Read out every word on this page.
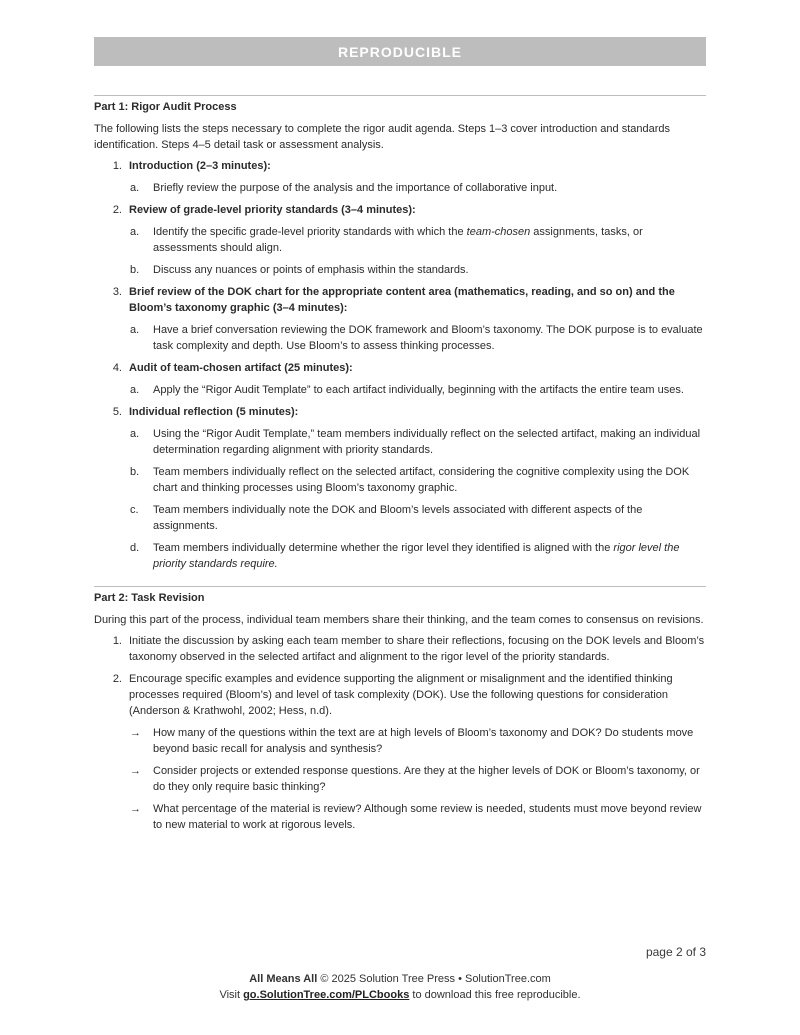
REPRODUCIBLE
Part 1: Rigor Audit Process

The following lists the steps necessary to complete the rigor audit agenda. Steps 1–3 cover introduction and standards identification. Steps 4–5 detail task or assessment analysis.

1. Introduction (2–3 minutes):
a. Briefly review the purpose of the analysis and the importance of collaborative input.
2. Review of grade-level priority standards (3–4 minutes):
a. Identify the specific grade-level priority standards with which the team-chosen assignments, tasks, or assessments should align.
b. Discuss any nuances or points of emphasis within the standards.
3. Brief review of the DOK chart for the appropriate content area (mathematics, reading, and so on) and the Bloom’s taxonomy graphic (3–4 minutes):
a. Have a brief conversation reviewing the DOK framework and Bloom’s taxonomy. The DOK purpose is to evaluate task complexity and depth. Use Bloom’s to assess thinking processes.
4. Audit of team-chosen artifact (25 minutes):
a. Apply the “Rigor Audit Template” to each artifact individually, beginning with the artifacts the entire team uses.
5. Individual reflection (5 minutes):
a. Using the “Rigor Audit Template,” team members individually reflect on the selected artifact, making an individual determination regarding alignment with priority standards.
b. Team members individually reflect on the selected artifact, considering the cognitive complexity using the DOK chart and thinking processes using Bloom’s taxonomy graphic.
c. Team members individually note the DOK and Bloom’s levels associated with different aspects of the assignments.
d. Team members individually determine whether the rigor level they identified is aligned with the rigor level the priority standards require.
Part 2: Task Revision

During this part of the process, individual team members share their thinking, and the team comes to consensus on revisions.

1. Initiate the discussion by asking each team member to share their reflections, focusing on the DOK levels and Bloom’s taxonomy observed in the selected artifact and alignment to the rigor level of the priority standards.
2. Encourage specific examples and evidence supporting the alignment or misalignment and the identified thinking processes required (Bloom’s) and level of task complexity (DOK). Use the following questions for consideration (Anderson & Krathwohl, 2002; Hess, n.d).
→ How many of the questions within the text are at high levels of Bloom’s taxonomy and DOK? Do students move beyond basic recall for analysis and synthesis?
→ Consider projects or extended response questions. Are they at the higher levels of DOK or Bloom’s taxonomy, or do they only require basic thinking?
→ What percentage of the material is review? Although some review is needed, students must move beyond review to new material to work at rigorous levels.
page 2 of 3
All Means All © 2025 Solution Tree Press • SolutionTree.com
Visit go.SolutionTree.com/PLCbooks to download this free reproducible.
